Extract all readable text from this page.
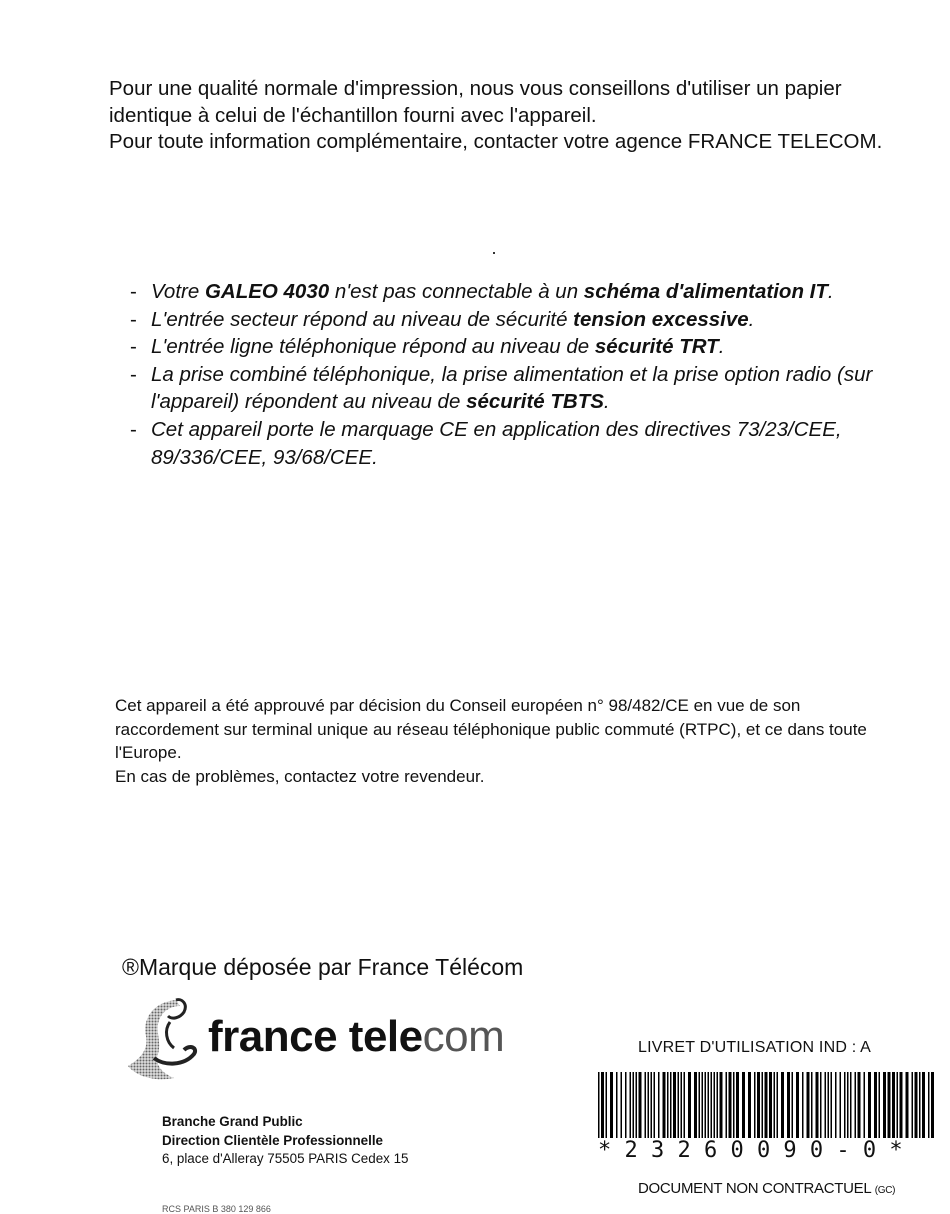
Pour une qualité normale d'impression, nous vous conseillons d'utiliser un papier identique à celui de l'échantillon fourni avec l'appareil.

Pour toute information complémentaire, contacter votre agence FRANCE TELECOM.

- Votre GALEO 4030 n'est pas connectable à un schéma d'alimentation IT.
- L'entrée secteur répond au niveau de sécurité tension excessive.
- L'entrée ligne téléphonique répond au niveau de sécurité TRT.
- La prise combiné téléphonique, la prise alimentation et la prise option radio (sur l'appareil) répondent au niveau de sécurité TBTS.
- Cet appareil porte le marquage CE en application des directives 73/23/CEE, 89/336/CEE, 93/68/CEE.

Cet appareil a été approuvé par décision du Conseil européen n° 98/482/CE en vue de son raccordement sur terminal unique au réseau téléphonique public commuté (RTPC), et ce dans toute l'Europe.

En cas de problèmes, contactez votre revendeur.

®Marque déposée par France Télécom
france telecom
Branche Grand Public
Direction Clientèle Professionnelle
6, place d'Alleray 75505 PARIS Cedex 15
RCS PARIS B 380 129 866
LIVRET D'UTILISATION IND : A
* 2 3 2 6 0 0 9 0 - 0 *
DOCUMENT NON CONTRACTUEL (GC)
